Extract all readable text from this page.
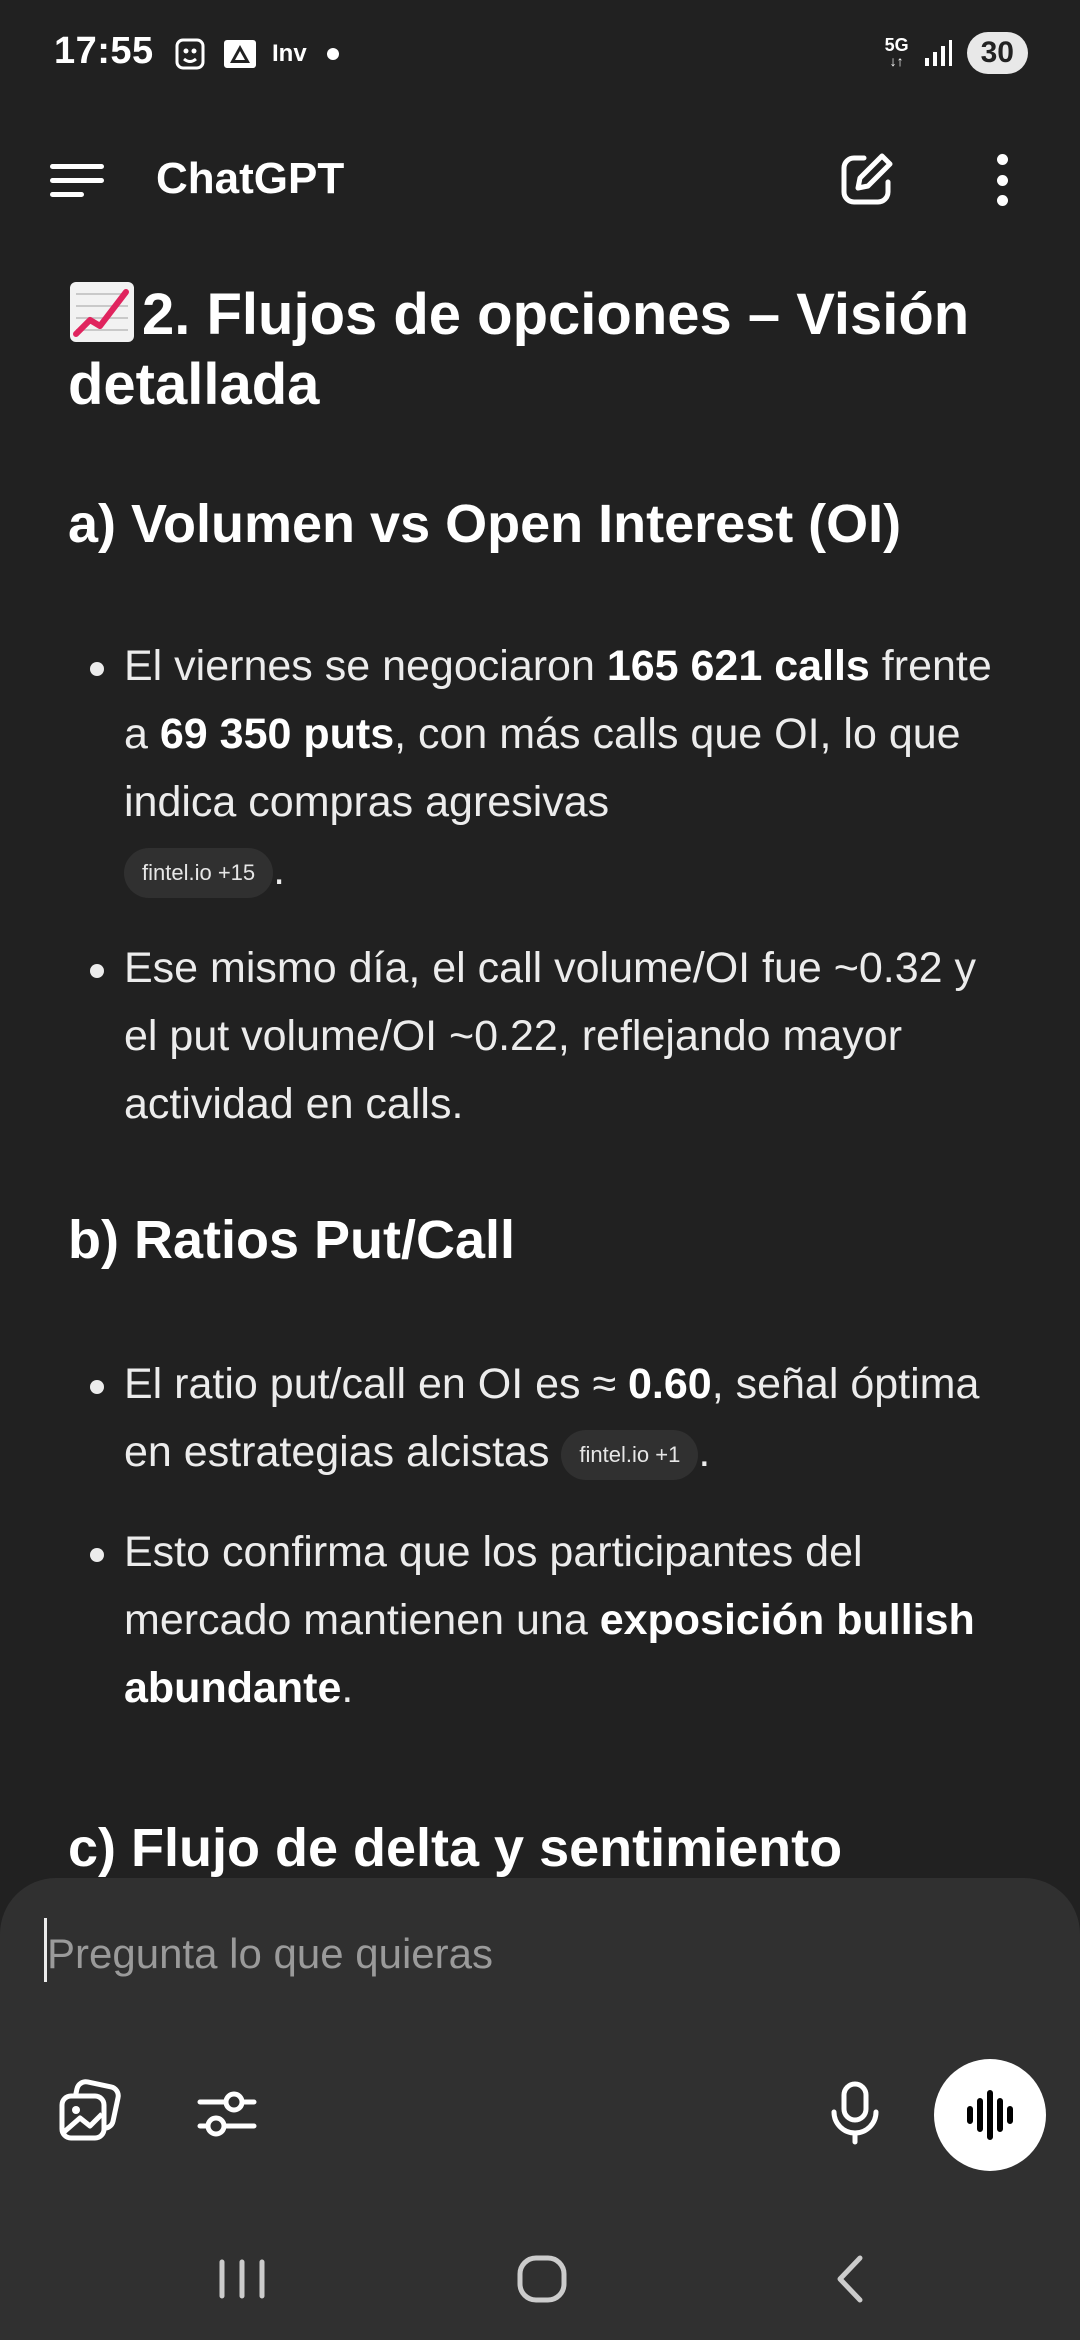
17:55	Inv	5G
↓↑	30
ChatGPT
2. Flujos de opciones – Visión detallada
a) Volumen vs Open Interest (OI)
El viernes se negociaron 165 621 calls frente a 69 350 puts, con más calls que OI, lo que indica compras agresivas
fintel.io +15 .
Ese mismo día, el call volume/OI fue ~0.32 y el put volume/OI ~0.22, reflejando mayor actividad en calls.
b) Ratios Put/Call
El ratio put/call en OI es ≈ 0.60, señal óptima en estrategias alcistas fintel.io +1 .
Esto confirma que los participantes del mercado mantienen una exposición bullish abundante.
c) Flujo de delta y sentimiento
Pregunta lo que quieras
